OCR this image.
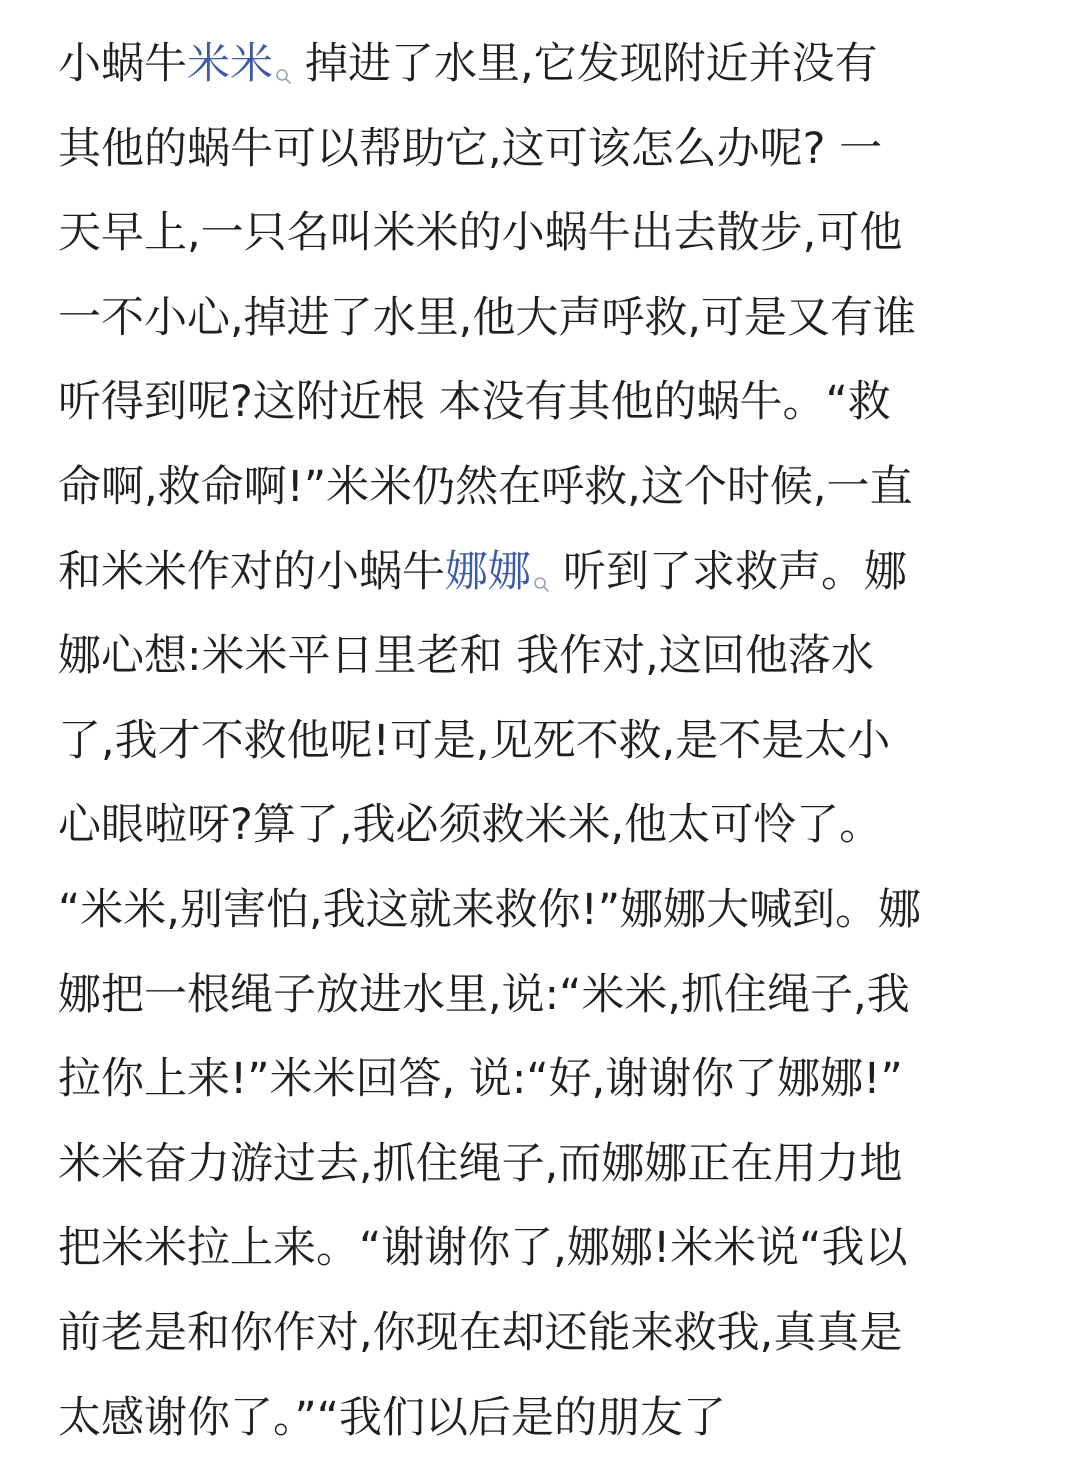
小蜗牛米米 掉进了水里,它发现附近并没有
其他的蜗牛可以帮助它,这可该怎么办呢? 一
天早上,一只名叫米米的小蜗牛出去散步,可他
一不小心,掉进了水里,他大声呼救,可是又有谁
听得到呢?这附近根 本没有其他的蜗牛。“救
命啊,救命啊!”米米仍然在呼救,这个时候,一直
和米米作对的小蜗牛娜娜 听到了求救声。娜
娜心想:米米平日里老和 我作对,这回他落水
了,我才不救他呢!可是,见死不救,是不是太小
心眼啦呀?算了,我必须救米米,他太可怜了。
“米米,别害怕,我这就来救你!”娜娜大喊到。娜
娜把一根绳子放进水里,说:“米米,抓住绳子,我
拉你上来!”米米回答, 说:“好,谢谢你了娜娜!”
米米奋力游过去,抓住绳子,而娜娜正在用力地
把米米拉上来。“谢谢你了,娜娜!米米说“我以
前老是和你作对,你现在却还能来救我,真真是
太感谢你了。”“我们以后是的朋友了
